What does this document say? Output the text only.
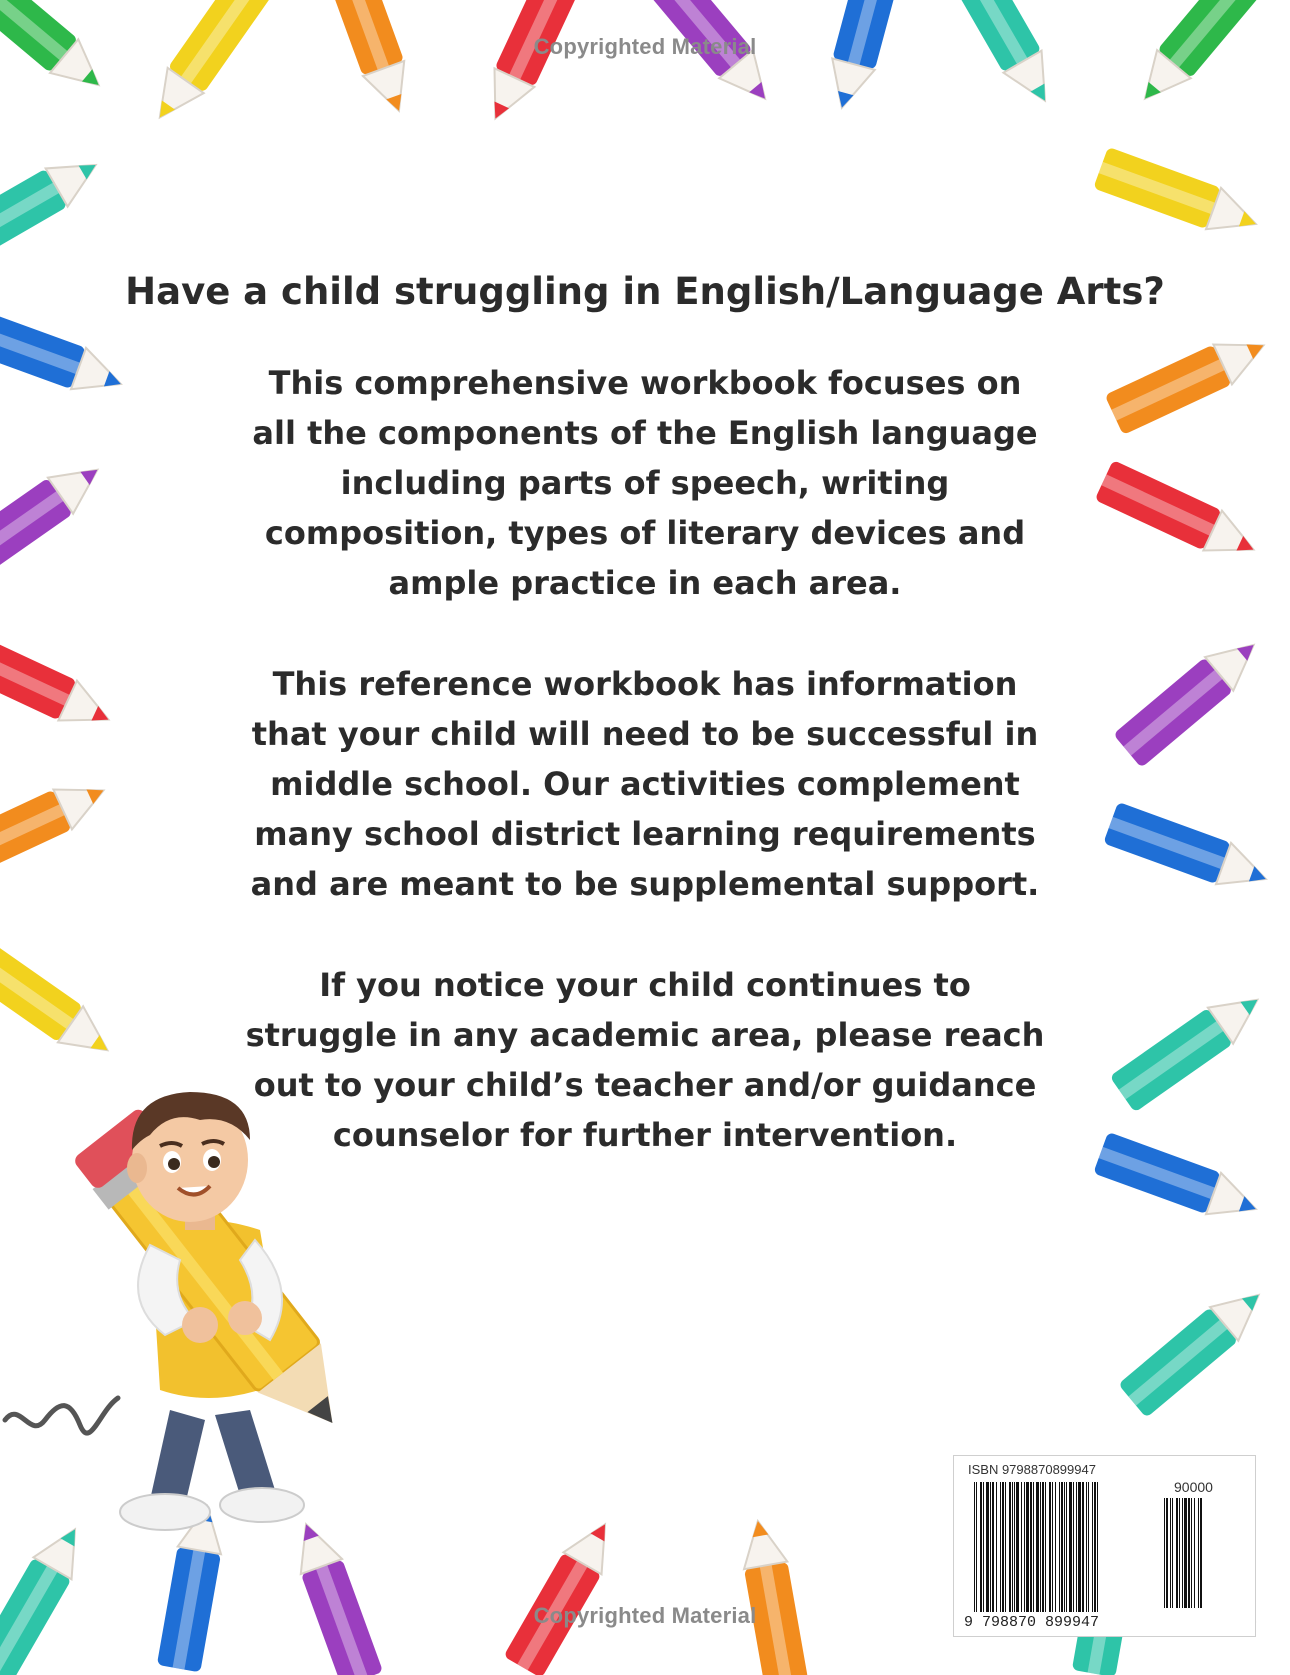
Copyrighted Material
Have a child struggling in English/Language Arts?
This comprehensive workbook focuses on
all the components of the English language
including parts of speech, writing
composition, types of literary devices and
ample practice in each area.
This reference workbook has information
that your child will need to be successful in
middle school. Our activities complement
many school district learning requirements
and are meant to be supplemental support.
If you notice your child continues to
struggle in any academic area, please reach
out to your child’s teacher and/or guidance
counselor for further intervention.
Copyrighted Material
ISBN 9798870899947
90000
9 798870 899947
